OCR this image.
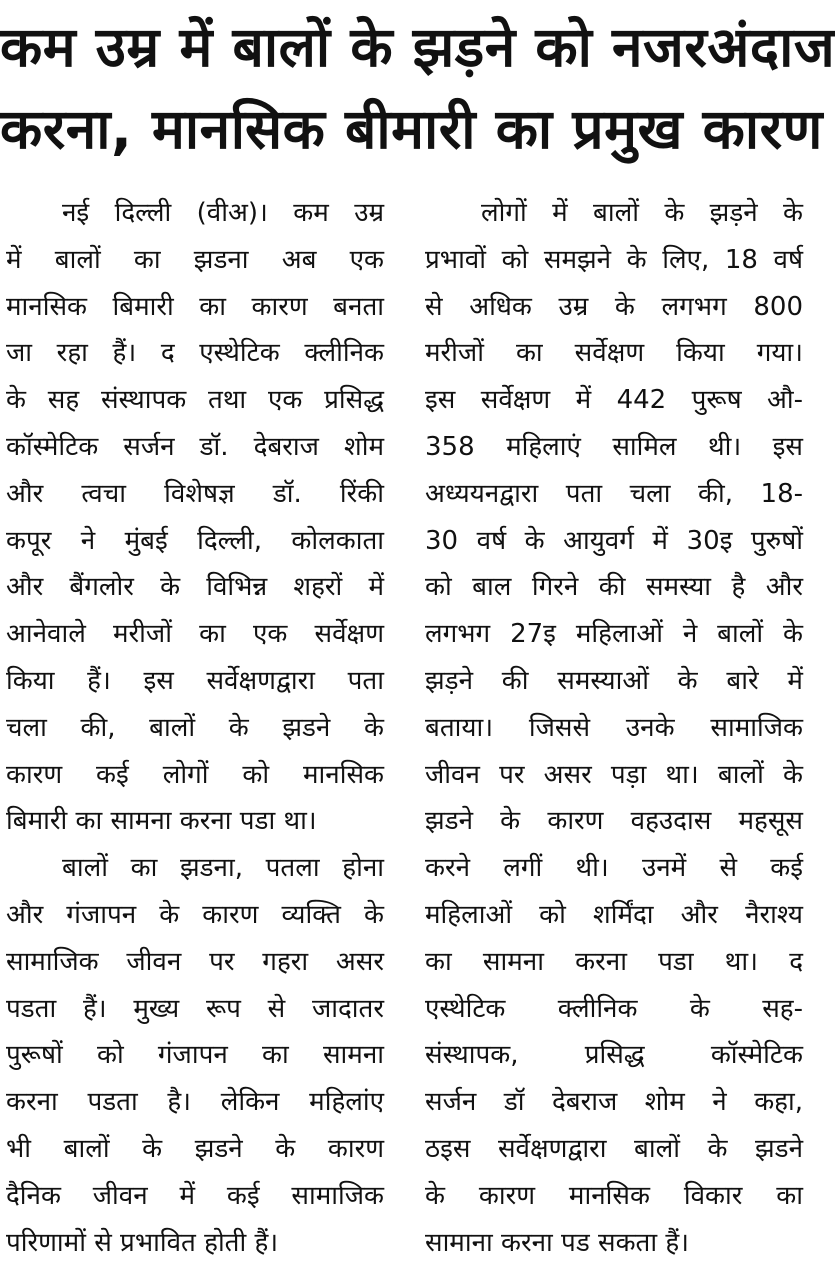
कम उम्र में बालों के झड़ने को नजरअंदाज
करना, मानसिक बीमारी का प्रमुख कारण
नई दिल्ली (वीअ)। कम उम्र
में बालों का झडना अब एक
मानसिक बिमारी का कारण बनता
जा रहा हैं। द एस्थेटिक क्लीनिक
के सह संस्थापक तथा एक प्रसिद्ध
कॉस्मेटिक सर्जन डॉ. देबराज शोम
और त्वचा विशेषज्ञ डॉ. रिंकी
कपूर ने मुंबई दिल्ली, कोलकाता
और बैंगलोर के विभिन्न शहरों में
आनेवाले मरीजों का एक सर्वेक्षण
किया हैं। इस सर्वेक्षणद्वारा पता
चला की, बालों के झडने के
कारण कई लोगों को मानसिक
बिमारी का सामना करना पडा था।
बालों का झडना, पतला होना
और गंजापन के कारण व्यक्ति के
सामाजिक जीवन पर गहरा असर
पडता हैं। मुख्य रूप से जादातर
पुरूषों को गंजापन का सामना
करना पडता है। लेकिन महिलांए
भी बालों के झडने के कारण
दैनिक जीवन में कई सामाजिक
परिणामों से प्रभावित होती हैं।
लोगों में बालों के झड़ने के
प्रभावों को समझने के लिए, 18 वर्ष
से अधिक उम्र के लगभग 800
मरीजों का सर्वेक्षण किया गया।
इस सर्वेक्षण में 442 पुरूष औ-
358 महिलाएं सामिल थी। इस
अध्ययनद्वारा पता चला की, 18-
30 वर्ष के आयुवर्ग में 30इ पुरुषों
को बाल गिरने की समस्या है और
लगभग 27इ महिलाओं ने बालों के
झड़ने की समस्याओं के बारे में
बताया। जिससे उनके सामाजिक
जीवन पर असर पड़ा था। बालों के
झडने के कारण वहउदास महसूस
करने लगीं थी। उनमें से कई
महिलाओं को शर्मिंदा और नैराश्य
का सामना करना पडा था। द
एस्थेटिक क्लीनिक के सह-
संस्थापक, प्रसिद्ध कॉस्मेटिक
सर्जन डॉ देबराज शोम ने कहा,
ठइस सर्वेक्षणद्वारा बालों के झडने
के कारण मानसिक विकार का
सामाना करना पड सकता हैं।
